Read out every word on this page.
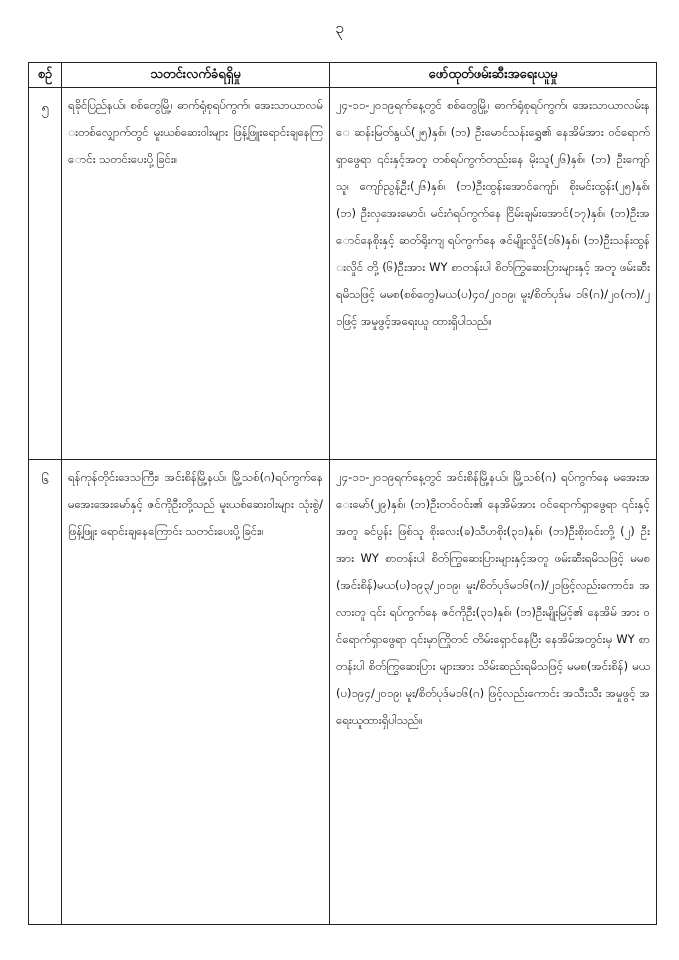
၃
စဉ်	သတင်းလက်ခံရရှိမှု	ဖော်ထုတ်ဖမ်းဆီးအရေးယူမှု
၅	ရခိုင်ပြည်နယ်၊ စစ်တွေမြို့၊ ဓာက်ရုံစုရပ်ကွက်၊ အေးသာယာလမ်းတစ်လျှောက်တွင် မူးယစ်ဆေးဝါးများ ဖြန့်ဖြူးရောင်းချနေကြောင်း သတင်းပေးပို့ခြင်း။	၂၄-၁၁-၂၀၁၉ရက်နေ့တွင် စစ်တွေမြို့၊ ဓာက်ရုံစုရပ်ကွက်၊ အေးသာယာလမ်းနေ ဆန်းမြတ်နွယ်(၂၅)နှစ်၊ (ဘ) ဦးမောင်သန်းရွှေ၏ နေအိမ်အား ဝင်ရောက်ရှာဖွေရာ ၎င်းနှင့်အတူ တစ်ရပ်ကွက်တည်းနေ မိုးသူ(၂၆)နှစ်၊ (ဘ) ဦးကျော်သူ၊ ကျော်ညွန့်ဦး(၂၆)နှစ်၊ (ဘ)ဦးထွန်းအောင်ကျော်၊ စိုးမင်းထွန်း(၂၅)နှစ်၊ (ဘ) ဦးလှအေးမောင်၊ မင်းဂံရပ်ကွက်နေ ငြိမ်းချမ်းအောင်(၁၇)နှစ်၊ (ဘ)ဦးအောင်နေစိုးနှင့် ဆတ်ရိုးကျ ရပ်ကွက်နေ ဇင်မျိုးလှိုင်(၁၆)နှစ်၊ (ဘ)ဦးသန်းထွန်းလှိုင် တို့ (၆)ဦးအား WY စာတန်းပါ စိတ်ကြွဆေးပြားများနှင့် အတူ ဖမ်းဆီးရမိသဖြင့် မမစ(စစ်တွေ)မယ(ပ)၄၀/၂၀၁၉၊ မူး/စိတ်ပုဒ်မ ၁၆(ဂ)/၂၀(က)/၂၁ဖြင့် အမှုဖွင့်အရေးယူ ထားရှိပါသည်။
၆	ရန်ကုန်တိုင်းဒေသကြီး၊ အင်းစိန်မြို့နယ်၊ မြို့သစ်(ဂ)ရပ်ကွက်နေ မအေးအေးမော်နှင့် ဇင်ကိုဦးတို့သည် မူးယစ်ဆေးဝါးများ သုံးစွဲ/ ဖြန့်ဖြူး ရောင်းချနေကြောင်း သတင်းပေးပို့ခြင်း။	၂၄-၁၁-၂၀၁၉ရက်နေ့တွင် အင်းစိန်မြို့နယ်၊ မြို့သစ်(ဂ) ရပ်ကွက်နေ မအေးအေးမော်(၂၉)နှစ်၊ (ဘ)ဦးတင်ဝင်း၏ နေအိမ်အား ဝင်ရောက်ရှာဖွေရာ ၎င်းနှင့်အတူ ခင်ပွန်း ဖြစ်သူ စိုးလေး(ခ)သီဟစိုး(၃၁)နှစ်၊ (ဘ)ဦးစိုးဝင်းတို့ (၂) ဦး အား WY စာတန်းပါ စိတ်ကြွဆေးပြားများနှင့်အတူ ဖမ်းဆီးရမိသဖြင့် မမစ(အင်းစိန်)မယ(ပ)၁၉၃/၂၀၁၉၊ မူး/စိတ်ပုဒ်မ၁၆(ဂ)/၂၁ဖြင့်လည်းကောင်း၊ အလားတူ ၎င်း ရပ်ကွက်နေ ဇင်ကိုဦး(၃၁)နှစ်၊ (ဘ)ဦးမျိုးမြင့်၏ နေအိမ် အား ဝင်ရောက်ရှာဖွေရာ ၎င်းမှာကြိုတင် တိမ်းရှောင်နေပြီး နေအိမ်အတွင်းမှ WY စာတန်းပါ စိတ်ကြွဆေးပြား များအား သိမ်းဆည်းရမိသဖြင့် မမစ(အင်းစိန်) မယ(ပ)၁၉၄/၂၀၁၉၊ မူး/စိတ်ပုဒ်မ၁၆(ဂ) ဖြင့်လည်းကောင်း အသီးသီး အမှုဖွင့် အရေးယူထားရှိပါသည်။
